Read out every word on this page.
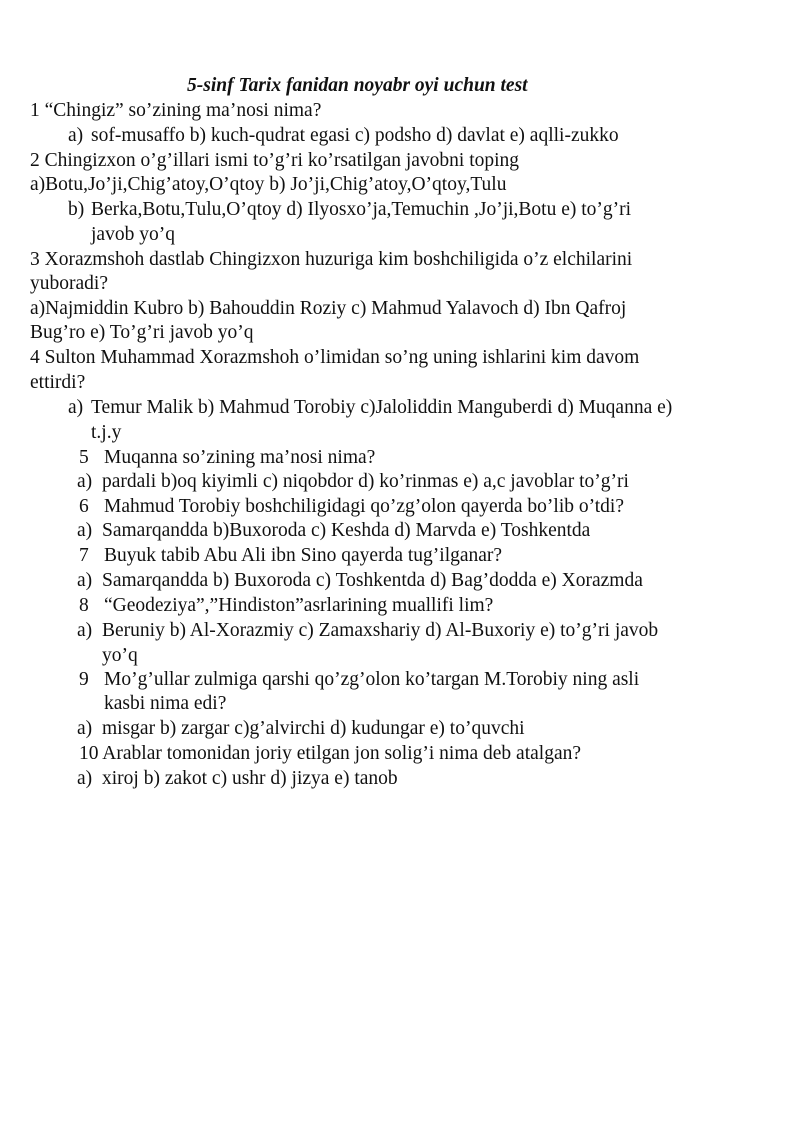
5-sinf Tarix fanidan noyabr oyi uchun test
1 “Chingiz” so’zining ma’nosi nima?
a) sof-musaffo b) kuch-qudrat egasi c) podsho d) davlat e) aqlli-zukko
2 Chingizxon o’g’illari ismi to’g’ri ko’rsatilgan javobni toping
a)Botu,Jo’ji,Chig’atoy,O’qtoy b) Jo’ji,Chig’atoy,O’qtoy,Tulu
b) Berka,Botu,Tulu,O’qtoy d) Ilyosxo’ja,Temuchin ,Jo’ji,Botu e) to’g’ri
javob yo’q
3 Xorazmshoh dastlab Chingizxon huzuriga kim boshchiligida o’z elchilarini
yuboradi?
a)Najmiddin Kubro b) Bahouddin Roziy c) Mahmud Yalavoch d) Ibn Qafroj
Bug’ro e) To’g’ri javob yo’q
4 Sulton Muhammad Xorazmshoh o’limidan so’ng uning ishlarini kim davom
ettirdi?
a) Temur Malik b) Mahmud Torobiy c)Jaloliddin Manguberdi d) Muqanna e)
t.j.y
5 Muqanna so’zining ma’nosi nima?
a) pardali b)oq kiyimli c) niqobdor d) ko’rinmas e) a,c javoblar to’g’ri
6 Mahmud Torobiy boshchiligidagi qo’zg’olon qayerda bo’lib o’tdi?
a) Samarqandda b)Buxoroda c) Keshda d) Marvda e) Toshkentda
7 Buyuk tabib Abu Ali ibn Sino qayerda tug’ilganar?
a) Samarqandda b) Buxoroda c) Toshkentda d) Bag’dodda e) Xorazmda
8 “Geodeziya”,”Hindiston”asrlarining muallifi lim?
a) Beruniy b) Al-Xorazmiy c) Zamaxshariy d) Al-Buxoriy e) to’g’ri javob
yo’q
9 Mo’g’ullar zulmiga qarshi qo’zg’olon ko’targan M.Torobiy ning asli
kasbi nima edi?
a) misgar b) zargar c)g’alvirchi d) kudungar e) to’quvchi
10 Arablar tomonidan joriy etilgan jon solig’i nima deb atalgan?
a) xiroj b) zakot c) ushr d) jizya e) tanob
